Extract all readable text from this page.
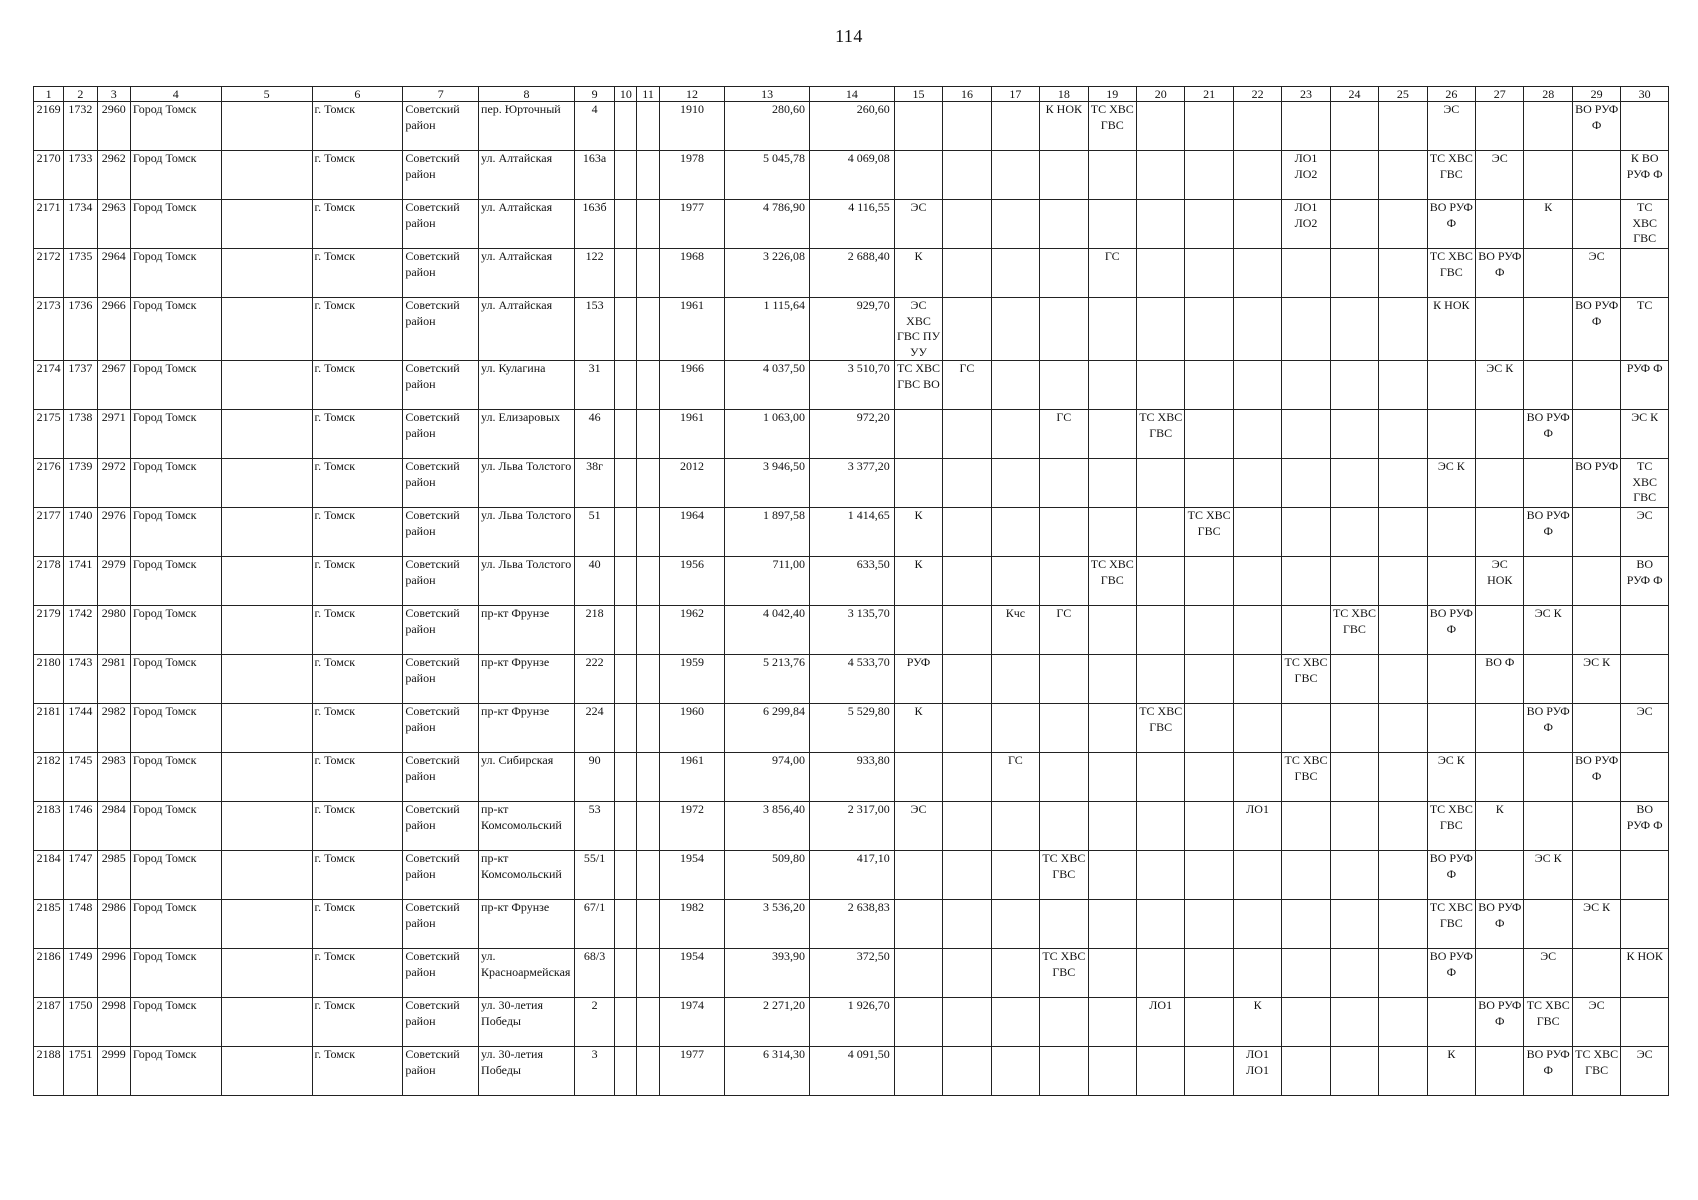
114
1	2	3	4	5	6	7	8	9	10	11	12	13	14	15	16	17	18	19	20	21	22	23	24	25	26	27	28	29	30
2169	1732	2960	Город Томск		г. Томск	Советский район	пер. Юрточный	4			1910	280,60	260,60				К НОК	ТС ХВС ГВС							ЭС			ВО РУФ Ф	
2170	1733	2962	Город Томск		г. Томск	Советский район	ул. Алтайская	163а			1978	5 045,78	4 069,08									ЛО1 ЛО2			ТС ХВС ГВС	ЭС			К ВО РУФ Ф
2171	1734	2963	Город Томск		г. Томск	Советский район	ул. Алтайская	163б			1977	4 786,90	4 116,55	ЭС								ЛО1 ЛО2			ВО РУФ Ф		К		ТС ХВС ГВС
2172	1735	2964	Город Томск		г. Томск	Советский район	ул. Алтайская	122			1968	3 226,08	2 688,40	К				ГС							ТС ХВС ГВС	ВО РУФ Ф		ЭС	
2173	1736	2966	Город Томск		г. Томск	Советский район	ул. Алтайская	153			1961	1 115,64	929,70	ЭС ХВС ГВС ПУ УУ											К НОК			ВО РУФ Ф	ТС
2174	1737	2967	Город Томск		г. Томск	Советский район	ул. Кулагина	31			1966	4 037,50	3 510,70	ТС ХВС ГВС ВО	ГС											ЭС К			РУФ Ф
2175	1738	2971	Город Томск		г. Томск	Советский район	ул. Елизаровых	46			1961	1 063,00	972,20				ГС		ТС ХВС ГВС								ВО РУФ Ф		ЭС К
2176	1739	2972	Город Томск		г. Томск	Советский район	ул. Льва Толстого	38г			2012	3 946,50	3 377,20												ЭС К			ВО РУФ	ТС ХВС ГВС
2177	1740	2976	Город Томск		г. Томск	Советский район	ул. Льва Толстого	51			1964	1 897,58	1 414,65	К						ТС ХВС ГВС							ВО РУФ Ф		ЭС
2178	1741	2979	Город Томск		г. Томск	Советский район	ул. Льва Толстого	40			1956	711,00	633,50	К				ТС ХВС ГВС								ЭС НОК			ВО РУФ Ф
2179	1742	2980	Город Томск		г. Томск	Советский район	пр-кт Фрунзе	218			1962	4 042,40	3 135,70			Кчс	ГС						ТС ХВС ГВС		ВО РУФ Ф		ЭС К		
2180	1743	2981	Город Томск		г. Томск	Советский район	пр-кт Фрунзе	222			1959	5 213,76	4 533,70	РУФ								ТС ХВС ГВС				ВО Ф		ЭС К	
2181	1744	2982	Город Томск		г. Томск	Советский район	пр-кт Фрунзе	224			1960	6 299,84	5 529,80	К					ТС ХВС ГВС								ВО РУФ Ф		ЭС
2182	1745	2983	Город Томск		г. Томск	Советский район	ул. Сибирская	90			1961	974,00	933,80			ГС						ТС ХВС ГВС			ЭС К			ВО РУФ Ф	
2183	1746	2984	Город Томск		г. Томск	Советский район	пр-кт Комсомольский	53			1972	3 856,40	2 317,00	ЭС							ЛО1				ТС ХВС ГВС	К			ВО РУФ Ф
2184	1747	2985	Город Томск		г. Томск	Советский район	пр-кт Комсомольский	55/1			1954	509,80	417,10				ТС ХВС ГВС								ВО РУФ Ф		ЭС К		
2185	1748	2986	Город Томск		г. Томск	Советский район	пр-кт Фрунзе	67/1			1982	3 536,20	2 638,83												ТС ХВС ГВС	ВО РУФ Ф		ЭС К	
2186	1749	2996	Город Томск		г. Томск	Советский район	ул. Красноармейская	68/3			1954	393,90	372,50				ТС ХВС ГВС								ВО РУФ Ф		ЭС		К НОК
2187	1750	2998	Город Томск		г. Томск	Советский район	ул. 30-летия Победы	2			1974	2 271,20	1 926,70						ЛО1		К					ВО РУФ Ф	ТС ХВС ГВС	ЭС	
2188	1751	2999	Город Томск		г. Томск	Советский район	ул. 30-летия Победы	3			1977	6 314,30	4 091,50								ЛО1 ЛО1				К		ВО РУФ Ф	ТС ХВС ГВС	ЭС
